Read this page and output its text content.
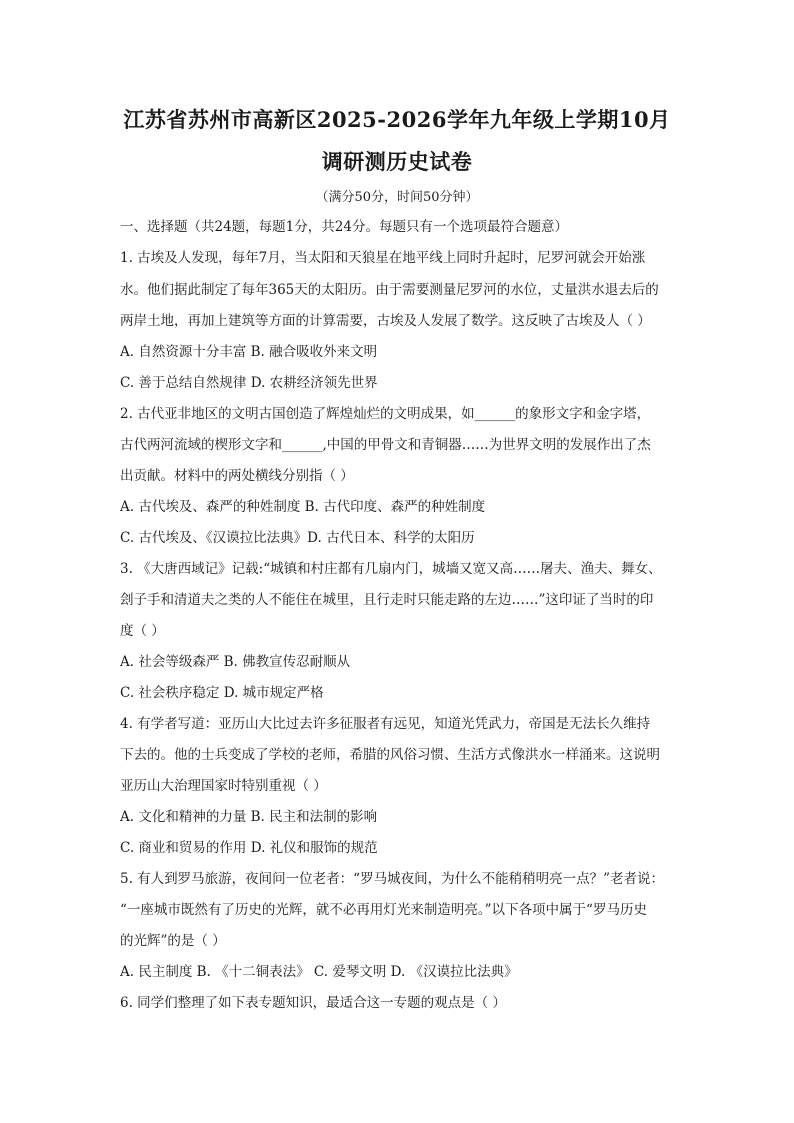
江苏省苏州市高新区2025-2026学年九年级上学期10月
调研测历史试卷
（满分50分，时间50分钟）
一、选择题（共24题，每题1分，共24分。每题只有一个选项最符合题意）
1. 古埃及人发现，每年7月，当太阳和天狼星在地平线上同时升起时，尼罗河就会开始涨
水。他们据此制定了每年365天的太阳历。由于需要测量尼罗河的水位，丈量洪水退去后的
两岸土地，再加上建筑等方面的计算需要，古埃及人发展了数学。这反映了古埃及人（ ）
A. 自然资源十分丰富 B. 融合吸收外来文明
C. 善于总结自然规律 D. 农耕经济领先世界
2. 古代亚非地区的文明古国创造了辉煌灿烂的文明成果，如______的象形文字和金字塔，
古代两河流域的楔形文字和______,中国的甲骨文和青铜器……为世界文明的发展作出了杰
出贡献。材料中的两处横线分别指（ ）
A. 古代埃及、森严的种姓制度 B. 古代印度、森严的种姓制度
C. 古代埃及、《汉谟拉比法典》D. 古代日本、科学的太阳历
3. 《大唐西域记》记载:“城镇和村庄都有几扇内门，城墙又宽又高……屠夫、渔夫、舞女、
刽子手和清道夫之类的人不能住在城里，且行走时只能走路的左边……”这印证了当时的印
度（ ）
A. 社会等级森严 B. 佛教宣传忍耐顺从
C. 社会秩序稳定 D. 城市规定严格
4. 有学者写道：亚历山大比过去许多征服者有远见，知道光凭武力，帝国是无法长久维持
下去的。他的士兵变成了学校的老师，希腊的风俗习惯、生活方式像洪水一样涌来。这说明
亚历山大治理国家时特别重视（ ）
A. 文化和精神的力量 B. 民主和法制的影响
C. 商业和贸易的作用 D. 礼仪和服饰的规范
5. 有人到罗马旅游，夜间问一位老者：“罗马城夜间，为什么不能稍稍明亮一点？”老者说：
“一座城市既然有了历史的光辉，就不必再用灯光来制造明亮。”以下各项中属于“罗马历史
的光辉”的是（ ）
A. 民主制度 B. 《十二铜表法》 C. 爱琴文明 D. 《汉谟拉比法典》
6. 同学们整理了如下表专题知识，最适合这一专题的观点是（ ）
